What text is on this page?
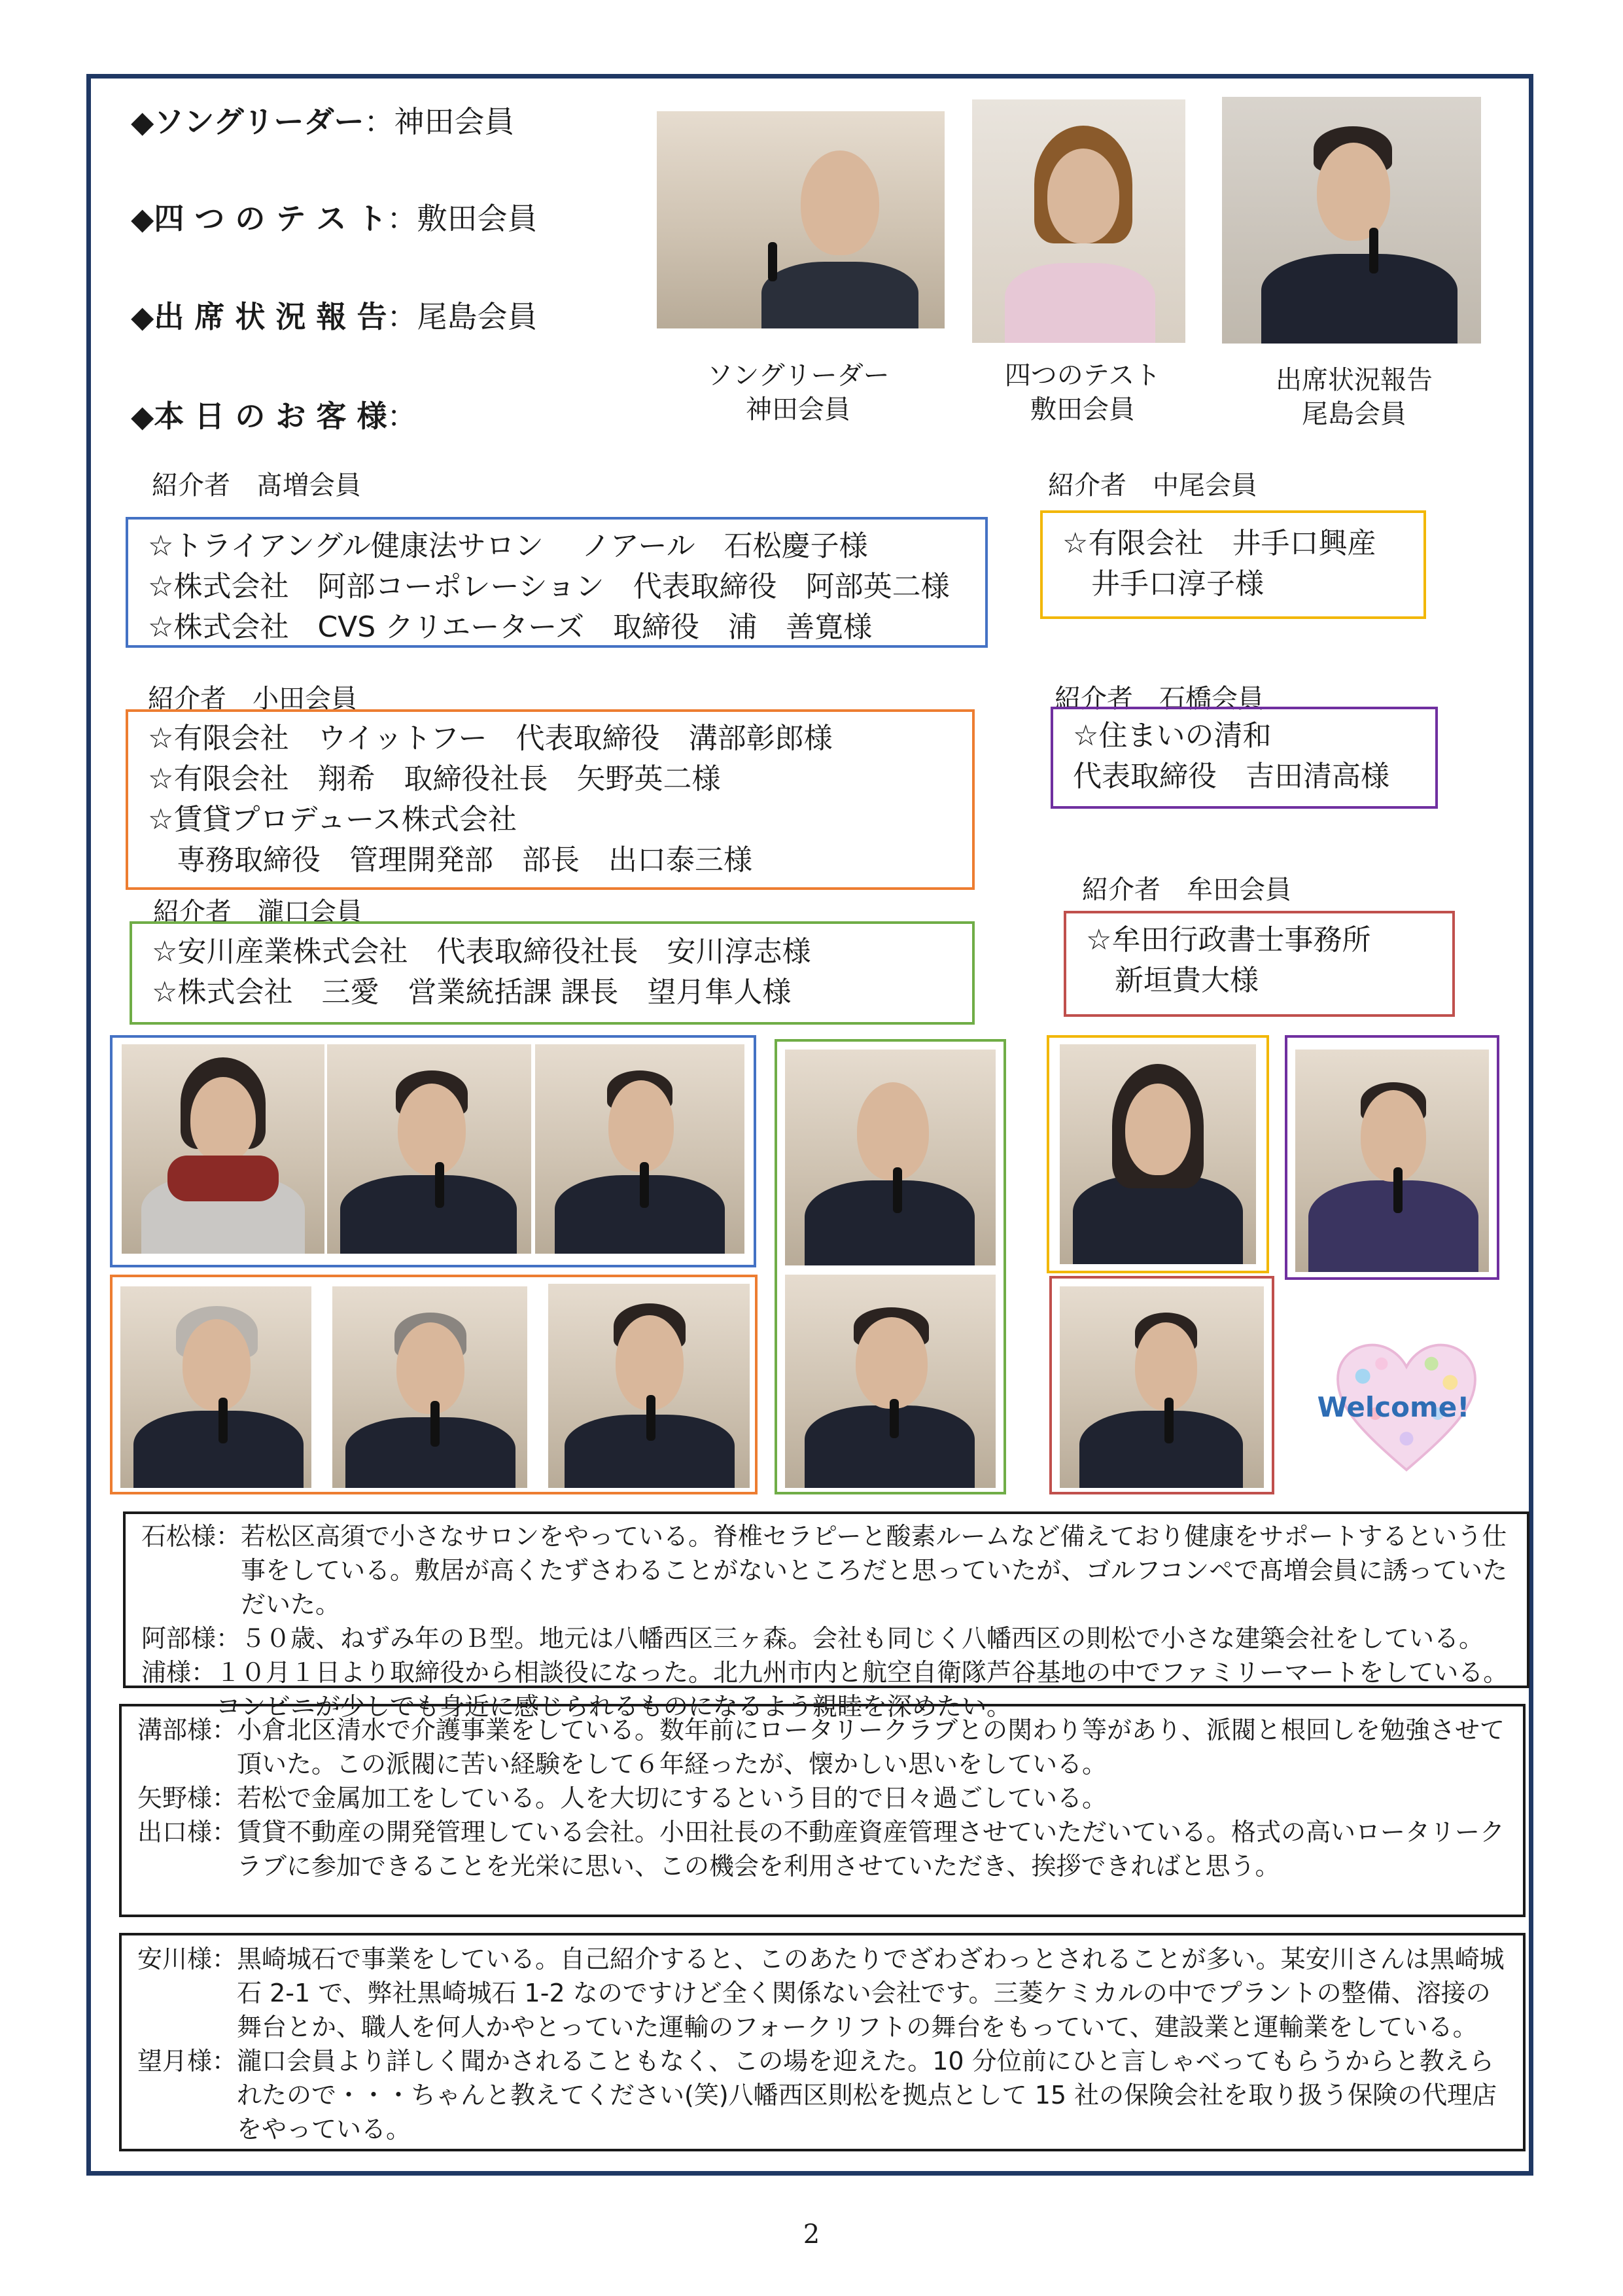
◆ソングリーダー：神田会員
◆四 つ の テ ス ト：敷田会員
◆出 席 状 況 報 告：尾島会員
◆本 日 の お 客 様：
ソングリーダー
神田会員
四つのテスト
敷田会員
出席状況報告
尾島会員
紹介者　髙増会員	紹介者　中尾会員
紹介者　小田会員	紹介者　石橋会員
紹介者　瀧口会員
紹介者　牟田会員
☆トライアングル健康法サロン　 ノアール　石松慶子様
☆株式会社　阿部コーポレーション　代表取締役　阿部英二様
☆株式会社　CVS クリエーターズ　取締役　浦　善寛様
☆有限会社　井手口興産
　井手口淳子様
☆有限会社　ウイットフー　代表取締役　溝部彰郎様
☆有限会社　翔希　取締役社長　矢野英二様
☆賃貸プロデュース株式会社
　専務取締役　管理開発部　部長　出口泰三様
☆住まいの清和
代表取締役　吉田清高様
☆安川産業株式会社　代表取締役社長　安川淳志様
☆株式会社　三愛　営業統括課 課長　望月隼人様
☆牟田行政書士事務所
　新垣貴大様
Welcome!
石松様： 若松区高須で小さなサロンをやっている。脊椎セラピーと酸素ルームなど備えており健康をサポートするという仕事をしている。敷居が高くたずさわることがないところだと思っていたが、ゴルフコンペで髙増会員に誘っていただいた。
阿部様： ５０歳、ねずみ年のＢ型。地元は八幡西区三ヶ森。会社も同じく八幡西区の則松で小さな建築会社をしている。
浦様： １０月１日より取締役から相談役になった。北九州市内と航空自衛隊芦谷基地の中でファミリーマートをしている。コンビニが少しでも身近に感じられるものになるよう親睦を深めたい。
溝部様： 小倉北区清水で介護事業をしている。数年前にロータリークラブとの関わり等があり、派閥と根回しを勉強させて頂いた。この派閥に苦い経験をして６年経ったが、懐かしい思いをしている。
矢野様： 若松で金属加工をしている。人を大切にするという目的で日々過ごしている。
出口様： 賃貸不動産の開発管理している会社。小田社長の不動産資産管理させていただいている。格式の高いロータリークラブに参加できることを光栄に思い、この機会を利用させていただき、挨拶できればと思う。
安川様： 黒崎城石で事業をしている。自己紹介すると、このあたりでざわざわっとされることが多い。某安川さんは黒崎城石 2-1 で、弊社黒崎城石 1-2 なのですけど全く関係ない会社です。三菱ケミカルの中でプラントの整備、溶接の舞台とか、職人を何人かやとっていた運輸のフォークリフトの舞台をもっていて、建設業と運輸業をしている。
望月様： 瀧口会員より詳しく聞かされることもなく、この場を迎えた。10 分位前にひと言しゃべってもらうからと教えられたので・・・ちゃんと教えてください(笑)八幡西区則松を拠点として 15 社の保険会社を取り扱う保険の代理店をやっている。
2
